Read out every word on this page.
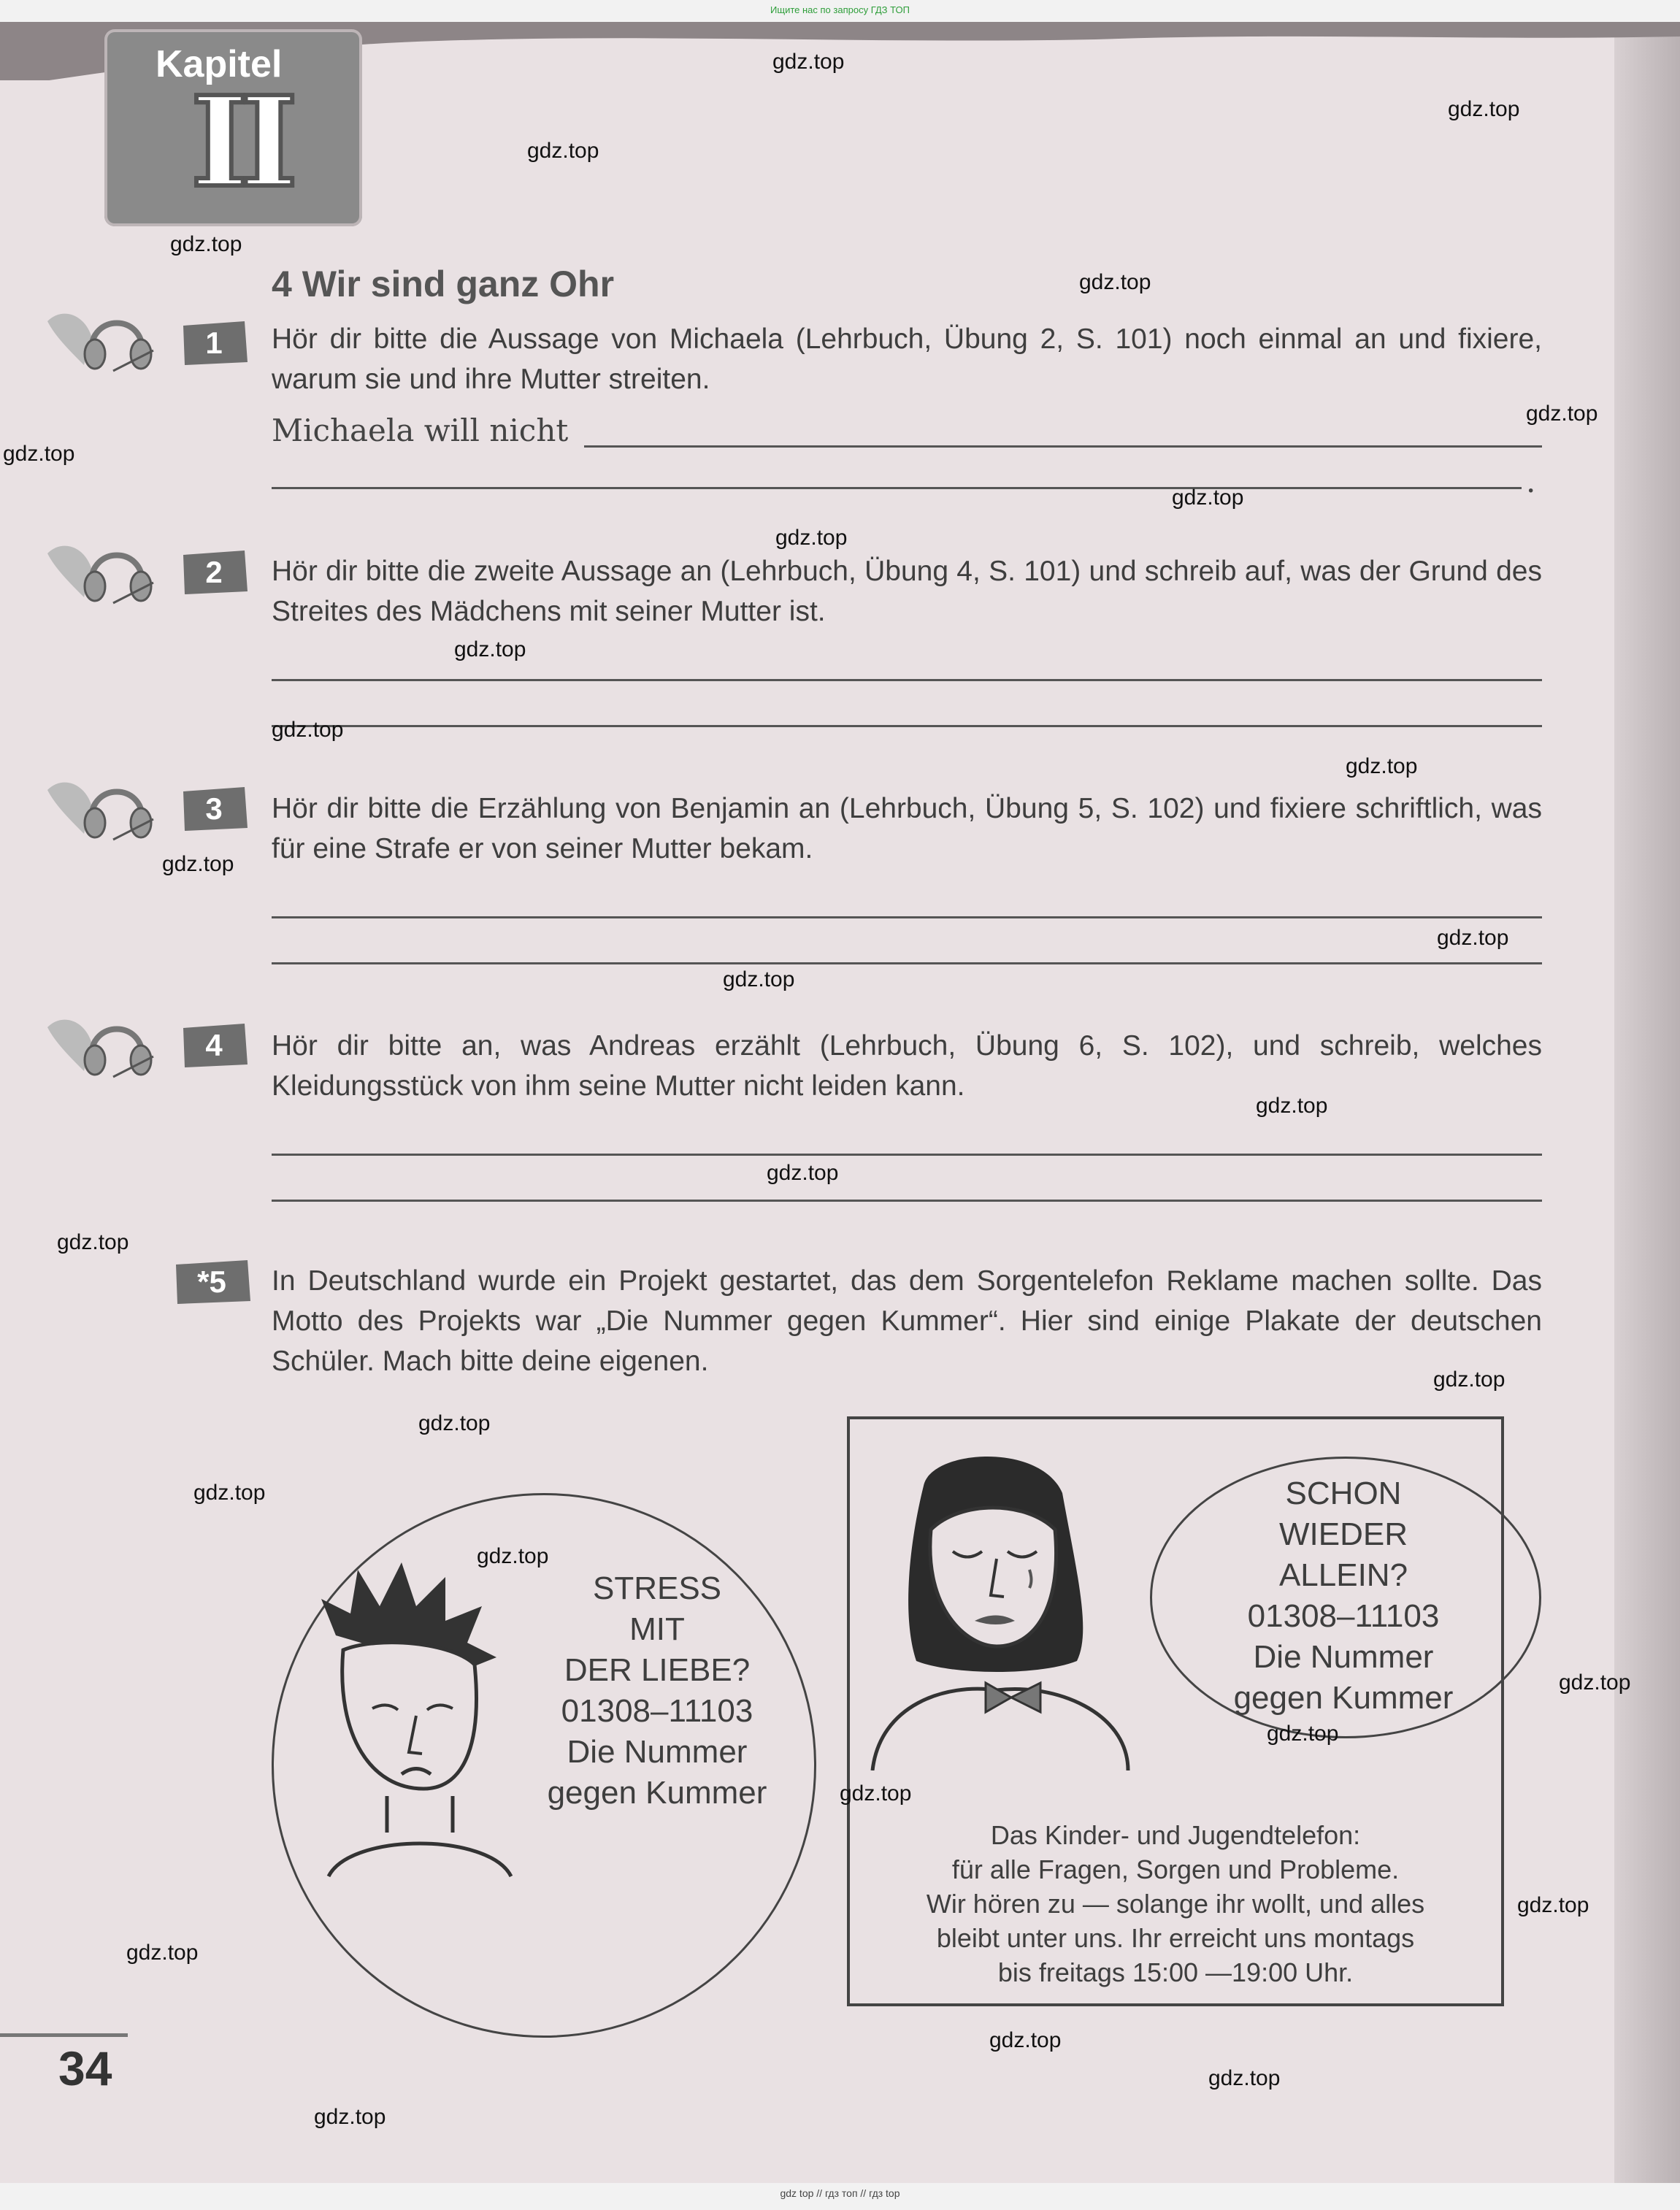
Ищите нас по запросу ГДЗ ТОП
Kapitel
II
4 Wir sind ganz Ohr
1	Hör dir bitte die Aussage von Michaela (Lehrbuch, Übung 2, S. 101) noch einmal an und fixiere, warum sie und ihre Mutter streiten.
Michaela will nicht
.
2	Hör dir bitte die zweite Aussage an (Lehrbuch, Übung 4, S. 101) und schreib auf, was der Grund des Streites des Mädchens mit seiner Mutter ist.
3	Hör dir bitte die Erzählung von Benjamin an (Lehrbuch, Übung 5, S. 102) und fixiere schriftlich, was für eine Strafe er von seiner Mutter bekam.
4	Hör dir bitte an, was Andreas erzählt (Lehrbuch, Übung 6, S. 102), und schreib, welches Kleidungsstück von ihm seine Mutter nicht leiden kann.
*5	In Deutschland wurde ein Projekt gestartet, das dem Sorgentelefon Reklame machen sollte. Das Motto des Projekts war „Die Nummer gegen Kummer“. Hier sind einige Plakate der deutschen Schüler. Mach bitte deine eigenen.
STRESS
MIT
DER LIEBE?
01308–11103
Die Nummer
gegen Kummer
SCHON
WIEDER
ALLEIN?
01308–11103
Die Nummer
gegen Kummer
Das Kinder- und Jugendtelefon:
für alle Fragen, Sorgen und Probleme.
Wir hören zu — solange ihr wollt, und alles
bleibt unter uns. Ihr erreicht uns montags
bis freitags 15:00 —19:00 Uhr.
34
gdz.top
gdz.top
gdz.top
gdz.top
gdz.top
gdz.top
gdz.top
gdz.top
gdz.top
gdz.top
gdz.top
gdz.top
gdz.top
gdz.top
gdz.top
gdz.top
gdz.top
gdz.top
gdz.top
gdz.top
gdz.top
gdz.top
gdz.top
gdz.top
gdz.top
gdz.top
gdz.top
gdz.top
gdz.top
gdz.top
gdz top // гдз топ // гдз top
